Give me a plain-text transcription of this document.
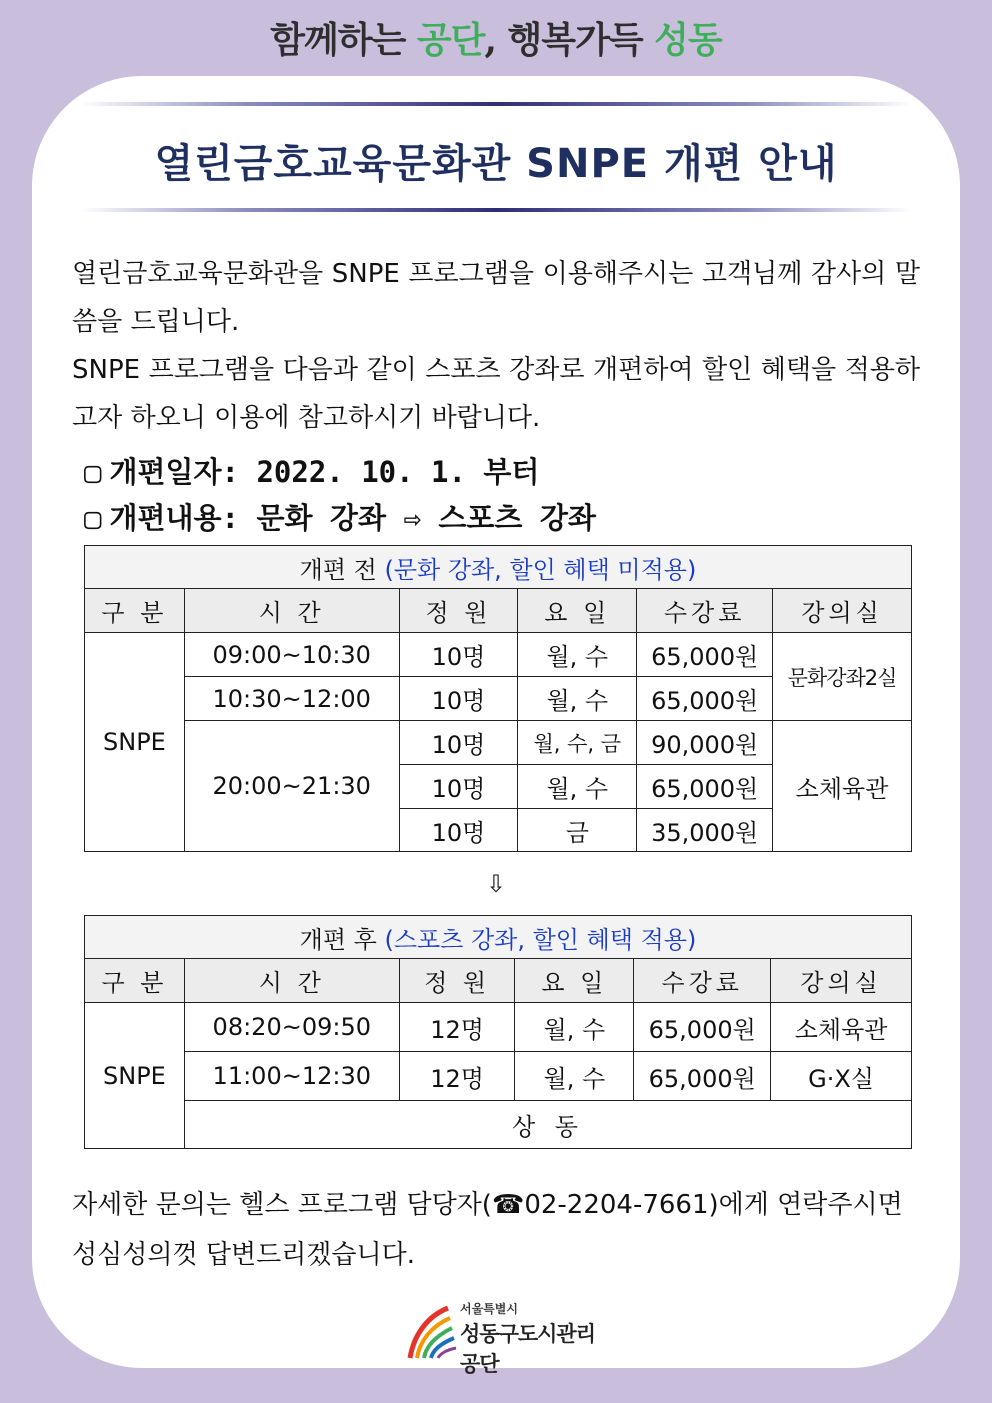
함께하는 공단, 행복가득 성동
열린금호교육문화관 SNPE 개편 안내

열린금호교육문화관을 SNPE 프로그램을 이용해주시는 고객님께 감사의 말씀을 드립니다.

SNPE 프로그램을 다음과 같이 스포츠 강좌로 개편하여 할인 혜택을 적용하고자 하오니 이용에 참고하시기 바랍니다.

▢ 개편일자: 2022. 10. 1. 부터
▢ 개편내용: 문화 강좌 ⇨ 스포츠 강좌
개편 전 (문화 강좌, 할인 혜택 미적용)					
구 분	시 간	정 원	요 일	수강료	강의실
SNPE	09:00~10:30	10명	월, 수	65,000원	문화강좌2실
	10:30~12:00	10명	월, 수	65,000원	
	20:00~21:30	10명	월, 수, 금	90,000원	소체육관
		10명	월, 수	65,000원	
		10명	금	35,000원	
⇩
개편 후 (스포츠 강좌, 할인 혜택 적용)					
구 분	시 간	정 원	요 일	수강료	강의실
SNPE	08:20~09:50	12명	월, 수	65,000원	소체육관
	11:00~12:30	12명	월, 수	65,000원	G·X실
	상 동				

자세한 문의는 헬스 프로그램 담당자(☎02-2204-7661)에게 연락주시면

성심성의껏 답변드리겠습니다.

서울특별시
성동구도시관리공단
